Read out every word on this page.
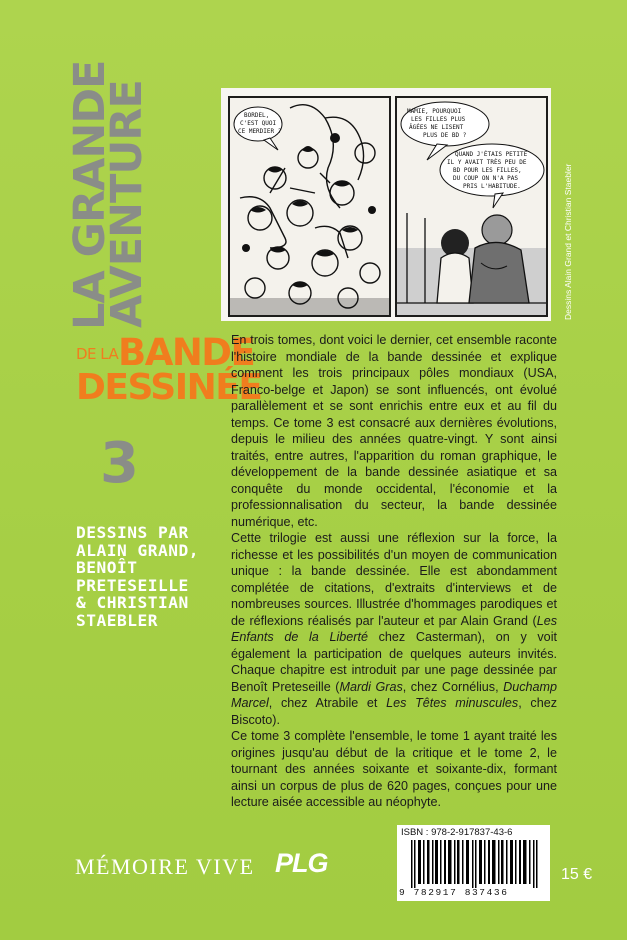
LA GRANDE
AVENTURE
DE LA BANDE
DESSINÉE
3
DESSINS PAR
ALAIN GRAND,
BENOÎT
PRETESEILLE
& CHRISTIAN
STAEBLER
BORDEL,
C'EST QUOI
CE MERDIER ?
MAMIE, POURQUOI
LES FILLES PLUS
ÂGÉES NE LISENT
PLUS DE BD ?
QUAND J'ÉTAIS PETITE
IL Y AVAIT TRÈS PEU DE
BD POUR LES FILLES,
DU COUP ON N'A PAS
PRIS L'HABITUDE.	Dessins Alain Grand et Christian Staebler

En trois tomes, dont voici le dernier, cet ensemble raconte l'histoire mondiale de la bande dessinée et explique comment les trois principaux pôles mondiaux (USA, Franco-belge et Japon) se sont influencés, ont évolué parallèlement et se sont enrichis entre eux et au fil du temps. Ce tome 3 est consacré aux dernières évolutions, depuis le milieu des années quatre-vingt. Y sont ainsi traités, entre autres, l'apparition du roman graphique, le développement de la bande dessinée asiatique et sa conquête du monde occidental, l'économie et la professionnalisation du secteur, la bande dessinée numérique, etc.

Cette trilogie est aussi une réflexion sur la force, la richesse et les possibilités d'un moyen de communication unique : la bande dessinée. Elle est abondamment complétée de citations, d'extraits d'interviews et de nombreuses sources. Illustrée d'hommages parodiques et de réflexions réalisés par l'auteur et par Alain Grand (Les Enfants de la Liberté chez Casterman), on y voit également la participation de quelques auteurs invités. Chaque chapitre est introduit par une page dessinée par Benoît Preteseille (Mardi Gras, chez Cornélius, Duchamp Marcel, chez Atrabile et Les Têtes minuscules, chez Biscoto).

Ce tome 3 complète l'ensemble, le tome 1 ayant traité les origines jusqu'au début de la critique et le tome 2, le tournant des années soixante et soixante-dix, formant ainsi un corpus de plus de 620 pages, conçues pour une lecture aisée accessible au néophyte.

MÉMOIRE VIVE PLG
ISBN : 978-2-917837-43-6
9 782917 837436
15 €
